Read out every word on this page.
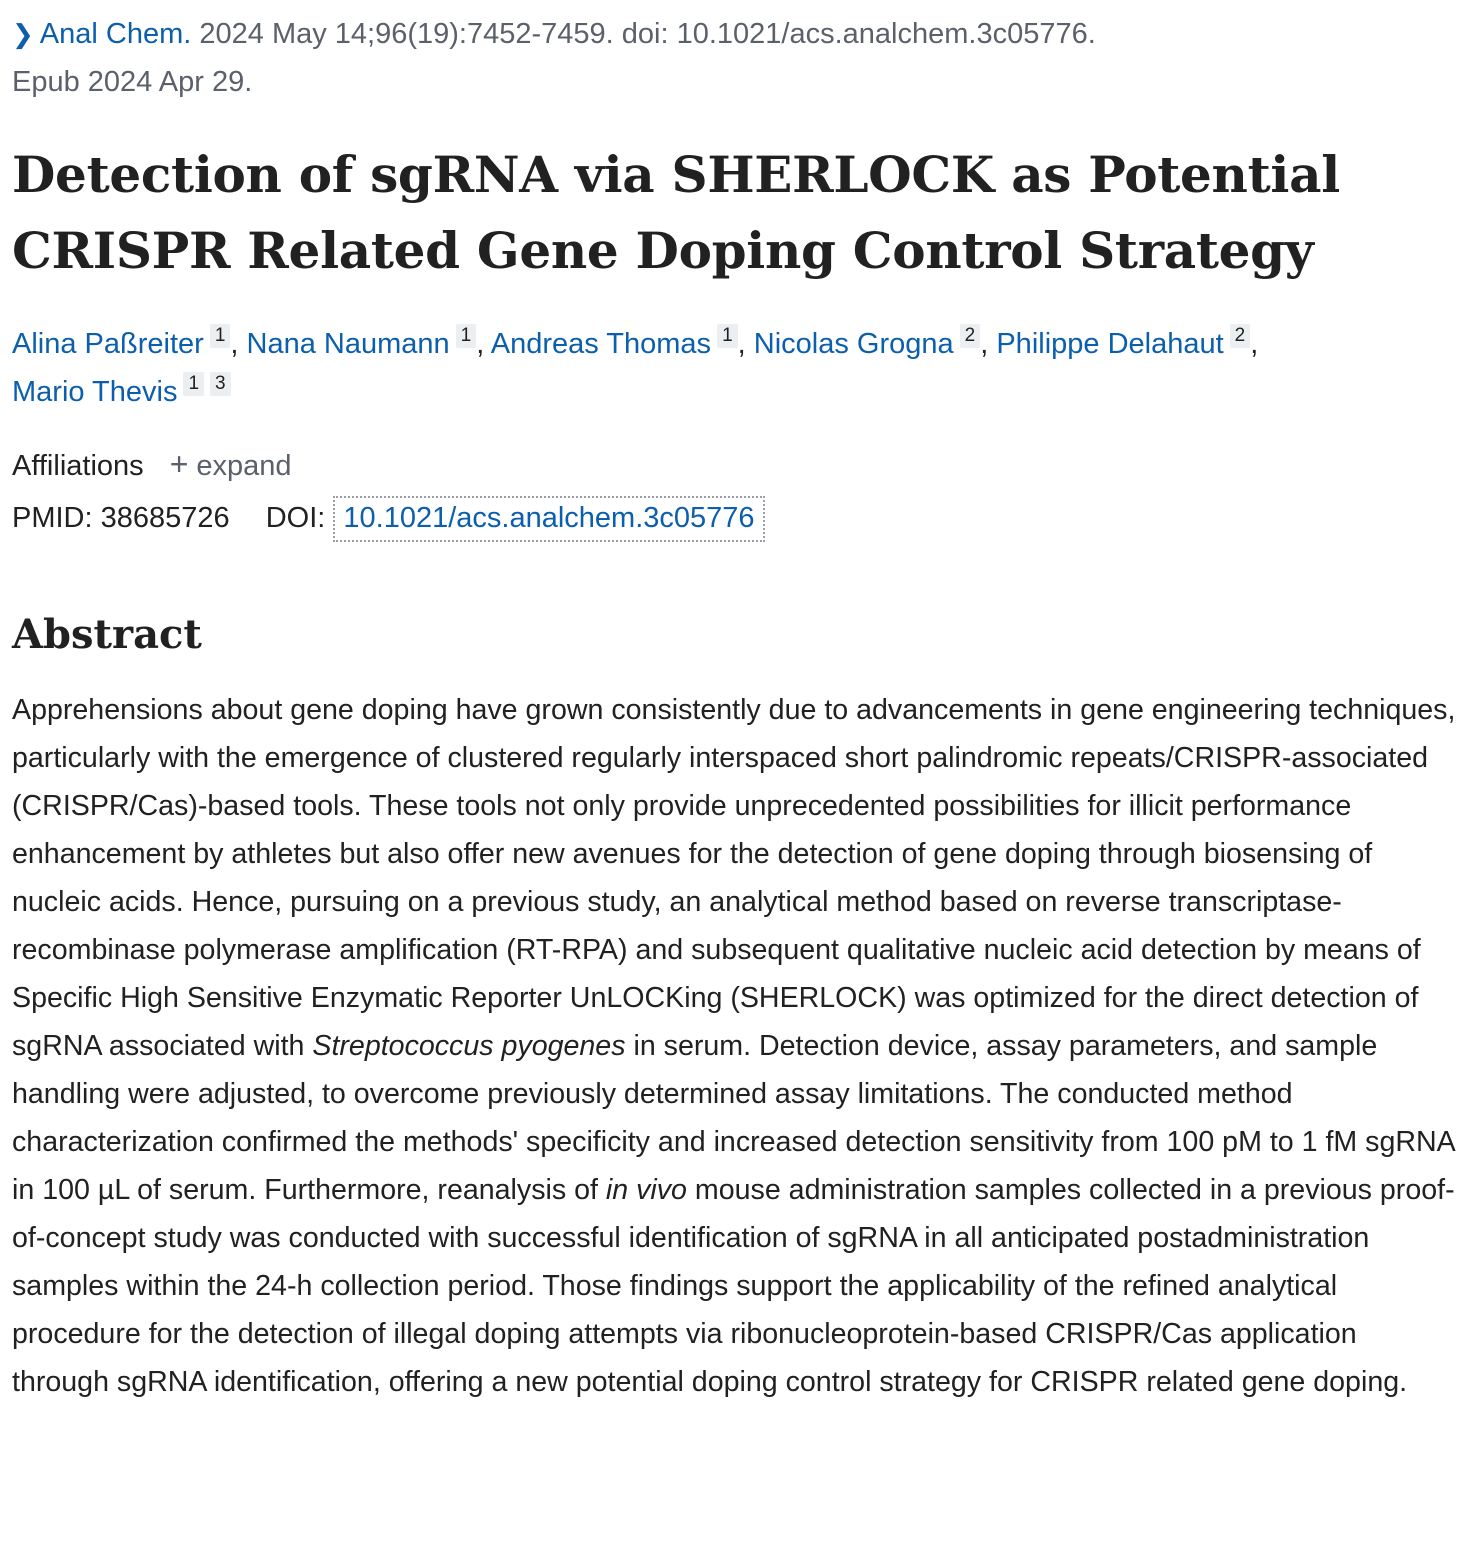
❯ Anal Chem. 2024 May 14;96(19):7452-7459. doi: 10.1021/acs.analchem.3c05776.
Epub 2024 Apr 29.
Detection of sgRNA via SHERLOCK as Potential CRISPR Related Gene Doping Control Strategy
Alina Paßreiter 1 , Nana Naumann 1 , Andreas Thomas 1 , Nicolas Grogna 2 , Philippe Delahaut 2 ,
Mario Thevis 1 3
Affiliations + expand
PMID: 38685726 DOI: 10.1021/acs.analchem.3c05776
Abstract

Apprehensions about gene doping have grown consistently due to advancements in gene engineering techniques, particularly with the emergence of clustered regularly interspaced short palindromic repeats/CRISPR-associated (CRISPR/Cas)-based tools. These tools not only provide unprecedented possibilities for illicit performance enhancement by athletes but also offer new avenues for the detection of gene doping through biosensing of nucleic acids. Hence, pursuing on a previous study, an analytical method based on reverse transcriptase-recombinase polymerase amplification (RT-RPA) and subsequent qualitative nucleic acid detection by means of Specific High Sensitive Enzymatic Reporter UnLOCKing (SHERLOCK) was optimized for the direct detection of sgRNA associated with Streptococcus pyogenes in serum. Detection device, assay parameters, and sample handling were adjusted, to overcome previously determined assay limitations. The conducted method characterization confirmed the methods' specificity and increased detection sensitivity from 100 pM to 1 fM sgRNA in 100 µL of serum. Furthermore, reanalysis of in vivo mouse administration samples collected in a previous proof-of-concept study was conducted with successful identification of sgRNA in all anticipated postadministration samples within the 24-h collection period. Those findings support the applicability of the refined analytical procedure for the detection of illegal doping attempts via ribonucleoprotein-based CRISPR/Cas application through sgRNA identification, offering a new potential doping control strategy for CRISPR related gene doping.
